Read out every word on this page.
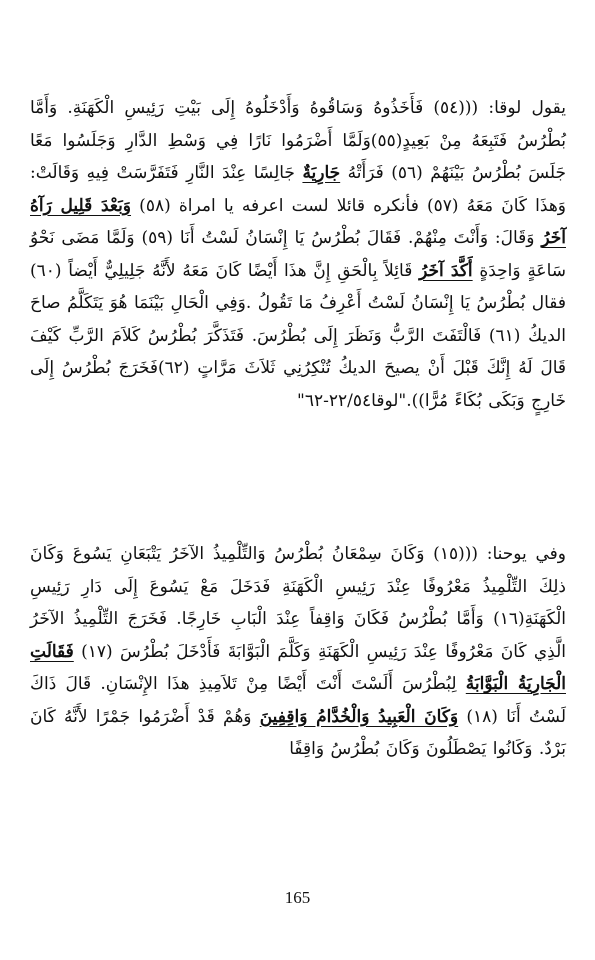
يقول لوقا: (((٥٤) فَأَخَذُوهُ وَسَاقُوهُ وَأَدْخَلُوهُ إِلَى بَيْتِ رَئِيسِ الْكَهَنَةِ. وَأَمَّا بُطْرُسُ فَتَبِعَهُ مِنْ بَعِيدٍ(٥٥)وَلَمَّا أَضْرَمُوا نَارًا فِي وَسْطِ الدَّارِ وَجَلَسُوا مَعًا جَلَسَ بُطْرُسُ بَيْنَهُمْ (٥٦) فَرَأَتْهُ جَارِيَةٌ جَالِسًا عِنْدَ النَّارِ فَتَفَرَّسَتْ فِيهِ وَقَالَتْ: وَهذَا كَانَ مَعَهُ (٥٧) فأنكره قائلا لست اعرفه يا امراة (٥٨) وَبَعْدَ قَلِيل رَآهُ آخَرُ وَقَالَ: وَأَنْتَ مِنْهُمْ. فَقَالَ بُطْرُسُ يَا إِنْسَانُ لَسْتُ أَنَا (٥٩) وَلَمَّا مَضَى نَحْوُ سَاعَةٍ وَاحِدَةٍ أَكَّدَ آخَرُ قَائِلاً بِالْحَقِ إِنَّ هذَا أَيْضًا كَانَ مَعَهُ لأَنَّهُ جَلِيلِيٌّ أَيْضاً (٦٠) فقال بُطْرُسُ يَا إِنْسَانُ لَسْتُ أَعْرِفُ مَا تَقُولُ .وَفِي الْحَالِ بَيْنَمَا هُوَ يَتَكَلَّمُ صاحَ الديكُ (٦١) فَالْتَفَتَ الرَّبُّ وَنَظَرَ إِلَى بُطْرُسَ. فَتَذَكَّرَ بُطْرُسُ كَلاَمَ الرَّبِّ كَيْفَ قَالَ لَهُ إِنَّكَ قَبْلَ أَنْ يصيحَ الديكُ تُنْكِرُنِي ثَلاَثَ مَرَّاتٍ (٦٢)فَخَرَجَ بُطْرُسُ إِلَى خَارِجٍ وَبَكَى بُكَاءً مُرًّا))."لوقا٢٢/٥٤-٦٢"

وفي يوحنا: (((١٥) وَكَانَ سِمْعَانُ بُطْرُسُ وَالتِّلْمِيذُ الآخَرُ يَتْبَعَانِ يَسُوعَ وَكَانَ ذلِكَ التِّلْمِيذُ مَعْرُوفًا عِنْدَ رَئِيسِ الْكَهَنَةِ فَدَخَلَ مَعْ يَسُوعَ إِلَى دَارِ رَئِيسِ الْكَهَنَةِ(١٦) وَأَمَّا بُطْرُسُ فَكَانَ وَاقِفاً عِنْدَ الْبَابِ خَارِجًا. فَخَرَجَ التِّلْمِيذُ الآخَرُ الَّذِي كَانَ مَعْرُوفًا عِنْدَ رَئِيسِ الْكَهَنَةِ وَكَلَّمَ الْبَوَّابَةَ فَأَدْخَلَ بُطْرُسَ (١٧) فَقَالَتِ الْجَارِيَةُ الْبَوَّابَةُ لِبُطْرُسَ أَلَسْتَ أَنْتَ أَيْضًا مِنْ تَلاَمِيذِ هذَا الإِنْسَانِ. قَالَ ذَاكَ لَسْتُ أَنَا (١٨) وَكَانَ الْعَبِيدُ وَالْخُدَّامُ وَاقِفِينَ وَهُمْ قَدْ أَضْرَمُوا جَمْرًا لأَنَّهُ كَانَ بَرْدٌ. وَكَانُوا يَصْطَلُونَ وَكَانَ بُطْرُسُ وَاقِفًا

165
